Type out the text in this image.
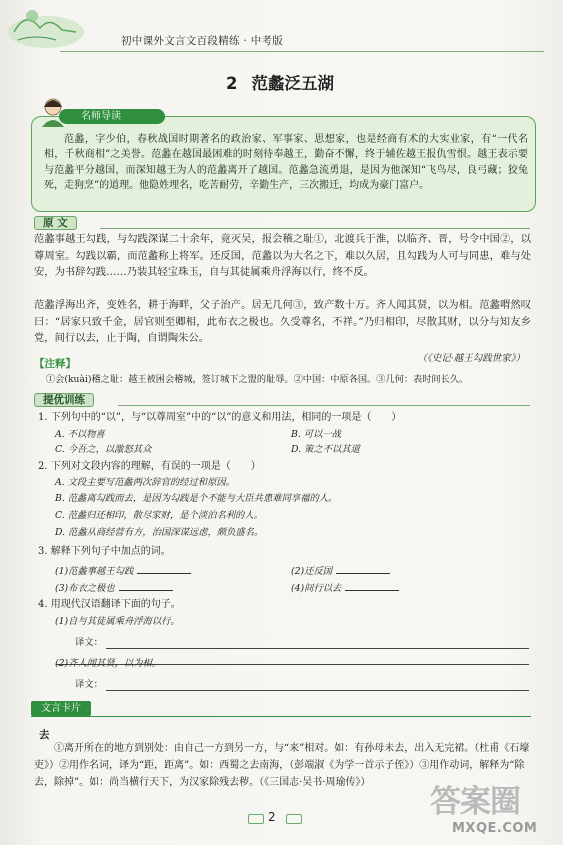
初中课外文言文百段精练 · 中考版
2 范蠡泛五湖
名师导读
范蠡，字少伯，春秋战国时期著名的政治家、军事家、思想家，也是经商有术的大实业家，有“一代名相，千秋商相”之美誉。范蠡在越国最困难的时刻待奉越王，勤奋不懈，终于辅佐越王报仇雪恨。越王表示要与范蠡平分越国，而深知越王为人的范蠡离开了越国。范蠡急流勇退，是因为他深知“飞鸟尽，良弓藏；狡兔死，走狗烹”的道理。他隐姓埋名，吃苦耐劳，辛勤生产，三次搬迁，均成为豪门富户。
原 文
范蠡事越王勾践，与勾践深谋二十余年，竟灭吴，报会稽之耻①，北渡兵于淮，以临齐、晋，号令中国②，以尊周室。勾践以霸，而范蠡称上将军。还反国，范蠡以为大名之下，难以久居，且勾践为人可与同患，难与处安，为书辞勾践……乃装其轻宝珠玉，自与其徒属乘舟浮海以行，终不反。
范蠡浮海出齐，变姓名，耕于海畔，父子治产。居无几何③，致产数十万。齐人闻其贤，以为相。范蠡喟然叹曰：“居家只致千金，居官则至卿相，此布衣之极也。久受尊名，不祥。”乃归相印，尽散其财，以分与知友乡党，间行以去，止于陶，自谓陶朱公。
（《史记·越王勾践世家》）
【注释】
①会(kuài)稽之耻：越王被困会稽城，签订城下之盟的耻辱。②中国：中原各国。③几何：表时间长久。
提优训练
1. 下列句中的“以”，与“以尊周室”中的“以”的意义和用法，相同的一项是（　　）
A. 不以物喜	B. 可以一战
C. 今吾之，以激怒其众	D. 策之不以其道
2. 下列对文段内容的理解，有误的一项是（　　）
A. 文段主要写范蠡两次辞官的经过和原因。
B. 范蠡离勾践而去，是因为勾践是个不能与大臣共患难同享福的人。
C. 范蠡归还相印，散尽家财，是个淡泊名利的人。
D. 范蠡从商经营有方，治国深谋远虑，颇负盛名。
3. 解释下列句子中加点的词。
(1)范蠡事越王勾践	(2)还反国
(3)布衣之极也	(4)间行以去
4. 用现代汉语翻译下面的句子。
(1)自与其徒属乘舟浮海以行。
译文：
(2)齐人闻其贤，以为相。
译文：
文言卡片
去
①离开所在的地方到别处：由自己一方到另一方，与“来”相对。如：有孙母未去，出入无完裙。（杜甫《石壕吏》）②用作名词，译为“距，距离”。如：西蜀之去南海，（彭端淑《为学一首示子侄》）③用作动词，解释为“除去，除掉”。如：尚当横行天下，为汉家除残去秽。（《三国志·吴书·周瑜传》）
2	答案圈
MXQE.COM
